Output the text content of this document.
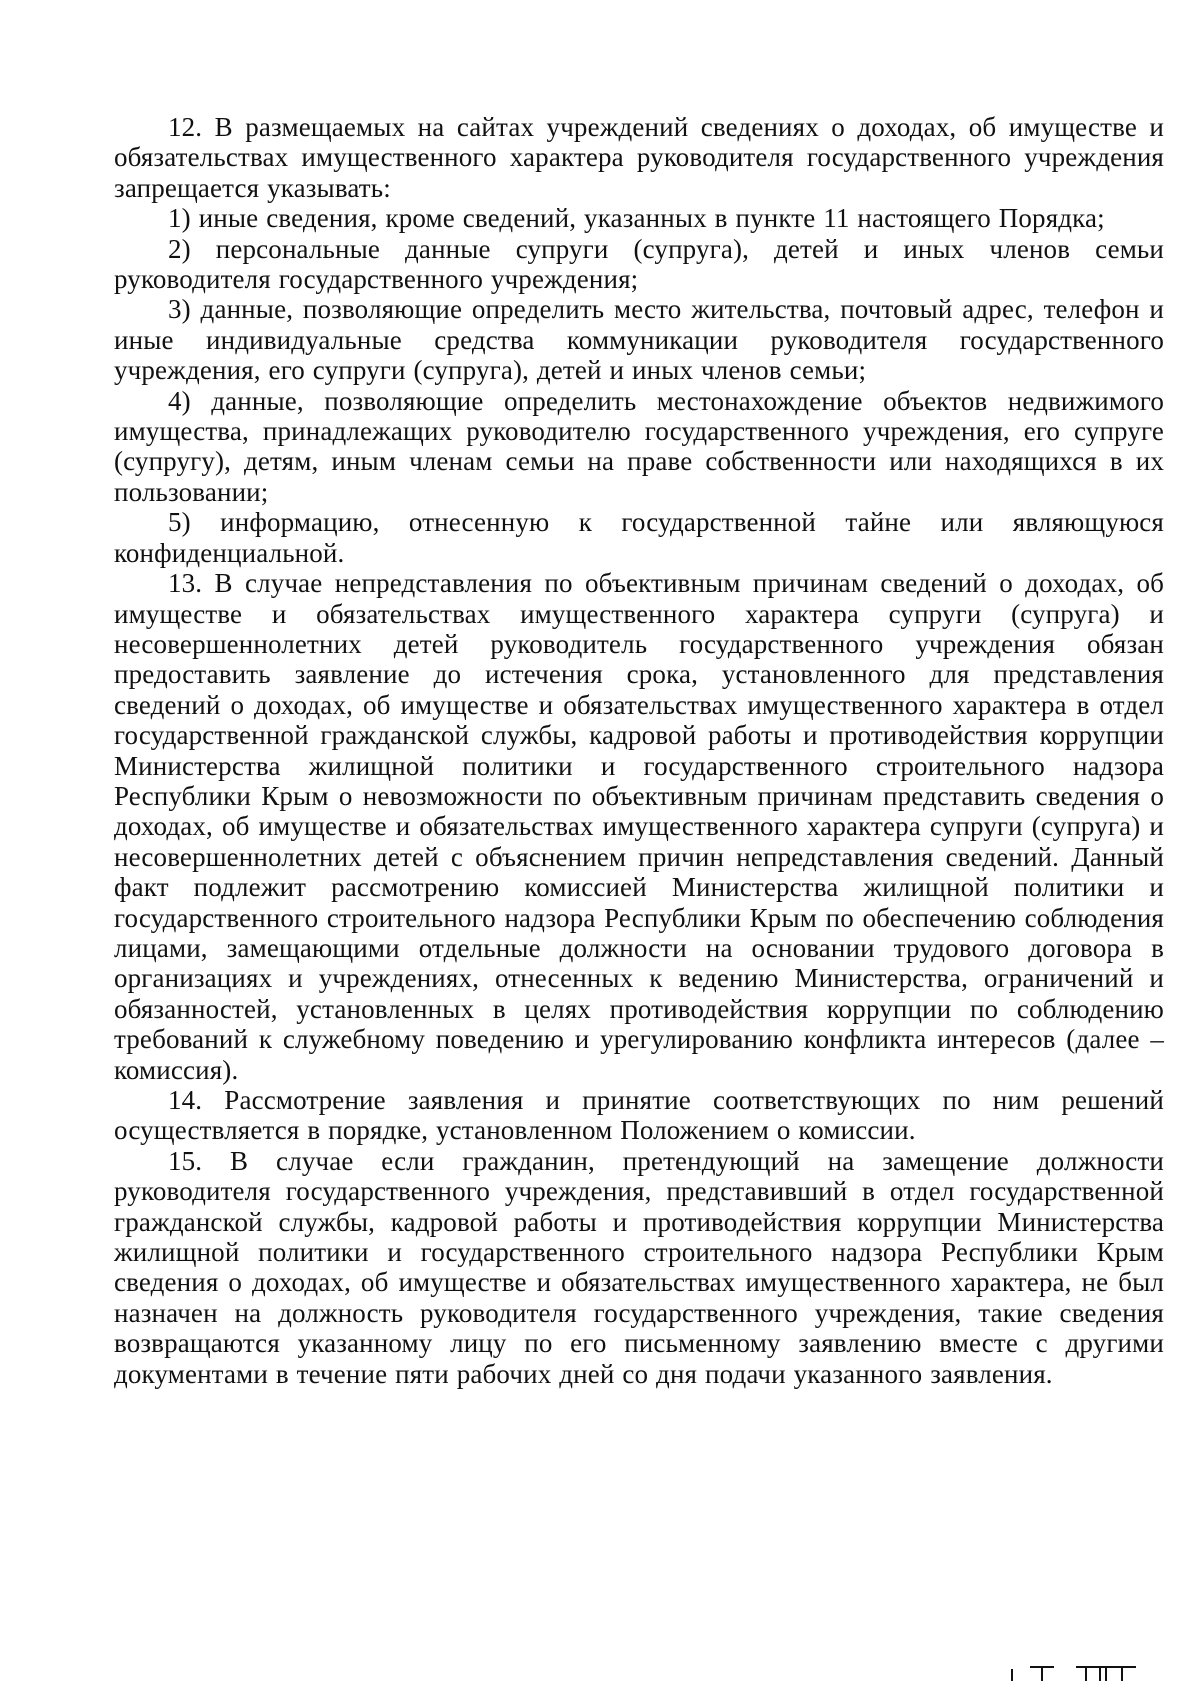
12. В размещаемых на сайтах учреждений сведениях о доходах, об имуществе и обязательствах имущественного характера руководителя государственного учреждения запрещается указывать:

1) иные сведения, кроме сведений, указанных в пункте 11 настоящего Порядка;

2) персональные данные супруги (супруга), детей и иных членов семьи руководителя государственного учреждения;

3) данные, позволяющие определить место жительства, почтовый адрес, телефон и иные индивидуальные средства коммуникации руководителя государственного учреждения, его супруги (супруга), детей и иных членов семьи;

4) данные, позволяющие определить местонахождение объектов недвижимого имущества, принадлежащих руководителю государственного учреждения, его супруге (супругу), детям, иным членам семьи на праве собственности или находящихся в их пользовании;

5) информацию, отнесенную к государственной тайне или являющуюся конфиденциальной.

13. В случае непредставления по объективным причинам сведений о доходах, об имуществе и обязательствах имущественного характера супруги (супруга) и несовершеннолетних детей руководитель государственного учреждения обязан предоставить заявление до истечения срока, установленного для представления сведений о доходах, об имуществе и обязательствах имущественного характера в отдел государственной гражданской службы, кадровой работы и противодействия коррупции Министерства жилищной политики и государственного строительного надзора Республики Крым о невозможности по объективным причинам представить сведения о доходах, об имуществе и обязательствах имущественного характера супруги (супруга) и несовершеннолетних детей с объяснением причин непредставления сведений. Данный факт подлежит рассмотрению комиссией Министерства жилищной политики и государственного строительного надзора Республики Крым по обеспечению соблюдения лицами, замещающими отдельные должности на основании трудового договора в организациях и учреждениях, отнесенных к ведению Министерства, ограничений и обязанностей, установленных в целях противодействия коррупции по соблюдению требований к служебному поведению и урегулированию конфликта интересов (далее – комиссия).

14. Рассмотрение заявления и принятие соответствующих по ним решений осуществляется в порядке, установленном Положением о комиссии.

15. В случае если гражданин, претендующий на замещение должности руководителя государственного учреждения, представивший в отдел государственной гражданской службы, кадровой работы и противодействия коррупции Министерства жилищной политики и государственного строительного надзора Республики Крым сведения о доходах, об имуществе и обязательствах имущественного характера, не был назначен на должность руководителя государственного учреждения, такие сведения возвращаются указанному лицу по его письменному заявлению вместе с другими документами в течение пяти рабочих дней со дня подачи указанного заявления.
